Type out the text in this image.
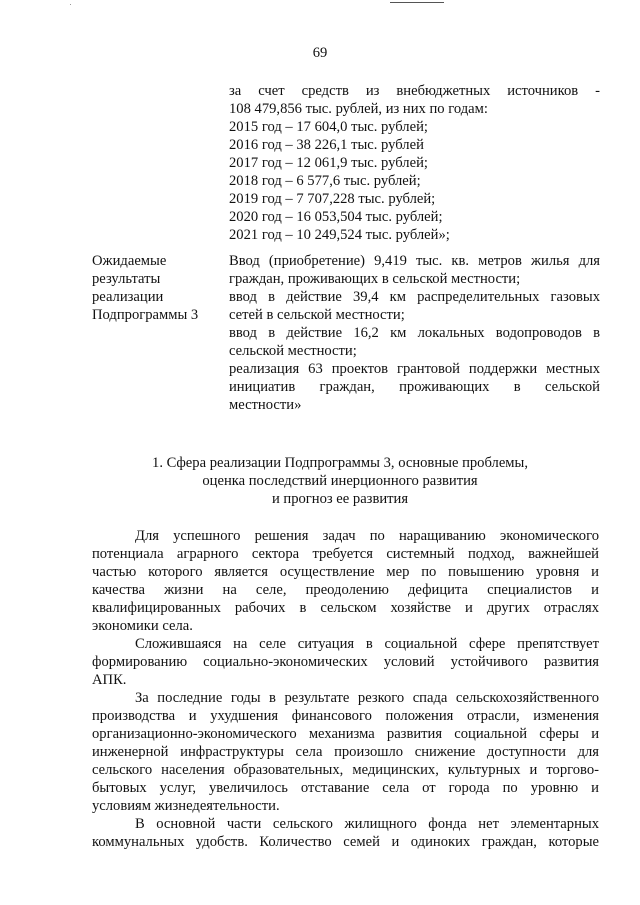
69
за счет средств из внебюджетных источников -
108 479,856 тыс. рублей, из них по годам:
2015 год – 17 604,0 тыс. рублей;
2016 год – 38 226,1 тыс. рублей
2017 год – 12 061,9 тыс. рублей;
2018 год – 6 577,6 тыс. рублей;
2019 год – 7 707,228 тыс. рублей;
2020 год – 16 053,504 тыс. рублей;
2021 год – 10 249,524 тыс. рублей»;
Ожидаемые
результаты
реализации
Подпрограммы 3
Ввод (приобретение) 9,419 тыс. кв. метров жилья для
граждан, проживающих в сельской местности;
ввод в действие 39,4 км распределительных газовых
сетей в сельской местности;
ввод в действие 16,2 км локальных водопроводов в
сельской местности;
реализация 63 проектов грантовой поддержки местных
инициатив граждан, проживающих в сельской
местности»
1. Сфера реализации Подпрограммы 3, основные проблемы,
оценка последствий инерционного развития
и прогноз ее развития
Для успешного решения задач по наращиванию экономического
потенциала аграрного сектора требуется системный подход, важнейшей
частью которого является осуществление мер по повышению уровня и
качества жизни на селе, преодолению дефицита специалистов и
квалифицированных рабочих в сельском хозяйстве и других отраслях
экономики села.
Сложившаяся на селе ситуация в социальной сфере препятствует
формированию социально-экономических условий устойчивого развития
АПК.
За последние годы в результате резкого спада сельскохозяйственного
производства и ухудшения финансового положения отрасли, изменения
организационно-экономического механизма развития социальной сферы и
инженерной инфраструктуры села произошло снижение доступности для
сельского населения образовательных, медицинских, культурных и торгово-
бытовых услуг, увеличилось отставание села от города по уровню и
условиям жизнедеятельности.
В основной части сельского жилищного фонда нет элементарных
коммунальных удобств. Количество семей и одиноких граждан, которые
